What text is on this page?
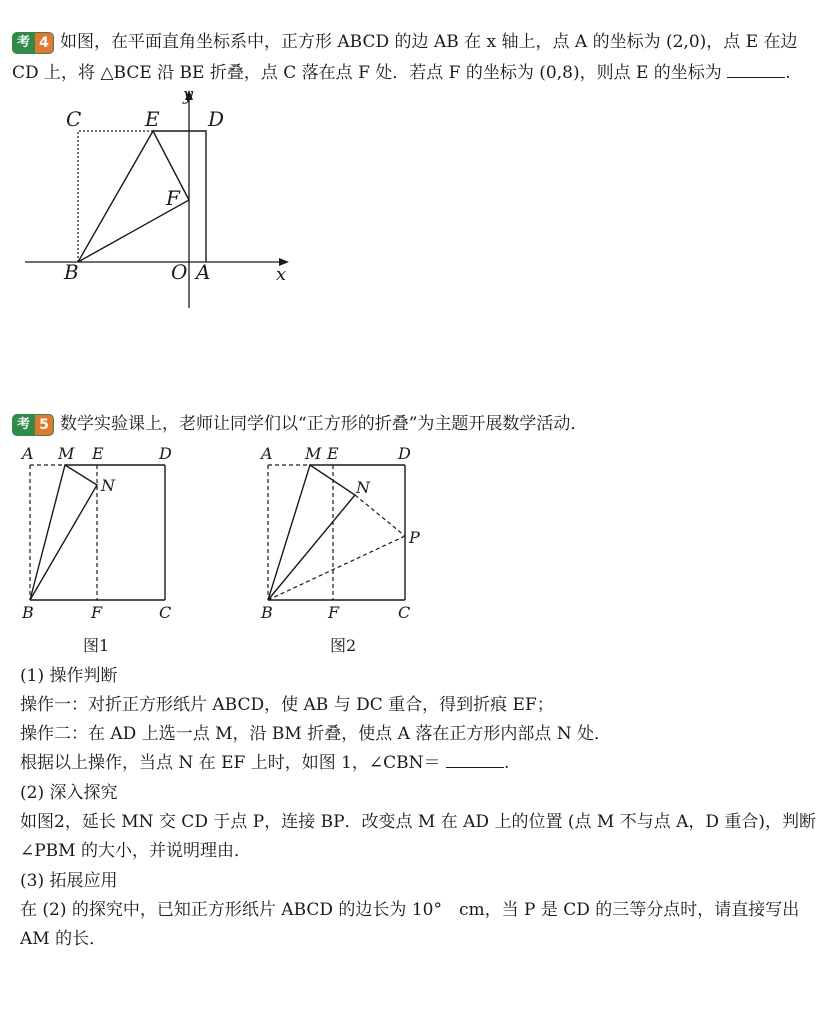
考 4 如图，在平面直角坐标系中，正方形 ABCD 的边 AB 在 x 轴上，点 A 的坐标为 (2,0)，点 E 在边
CD 上，将 △BCE 沿 BE 折叠，点 C 落在点 F 处．若点 F 的坐标为 (0,8)，则点 E 的坐标为	.
C	E D
F
B	O A	x
y
考 5 数学实验课上，老师让同学们以“正方形的折叠”为主题开展数学活动．
A M E	D
N
B	F	C
图1
A M E	D
N
P
B	F	C
图2
(1) 操作判断
操作一：对折正方形纸片 ABCD，使 AB 与 DC 重合，得到折痕 EF；
操作二：在 AD 上选一点 M，沿 BM 折叠，使点 A 落在正方形内部点 N 处．
根据以上操作，当点 N 在 EF 上时，如图 1，∠CBN＝	.
(2) 深入探究
如图2，延长 MN 交 CD 于点 P，连接 BP．改变点 M 在 AD 上的位置 (点 M 不与点 A，D 重合)，判断
∠PBM 的大小，并说明理由．
(3) 拓展应用
在 (2) 的探究中，已知正方形纸片 ABCD 的边长为 10°　cm，当 P 是 CD 的三等分点时，请直接写出
AM 的长．
